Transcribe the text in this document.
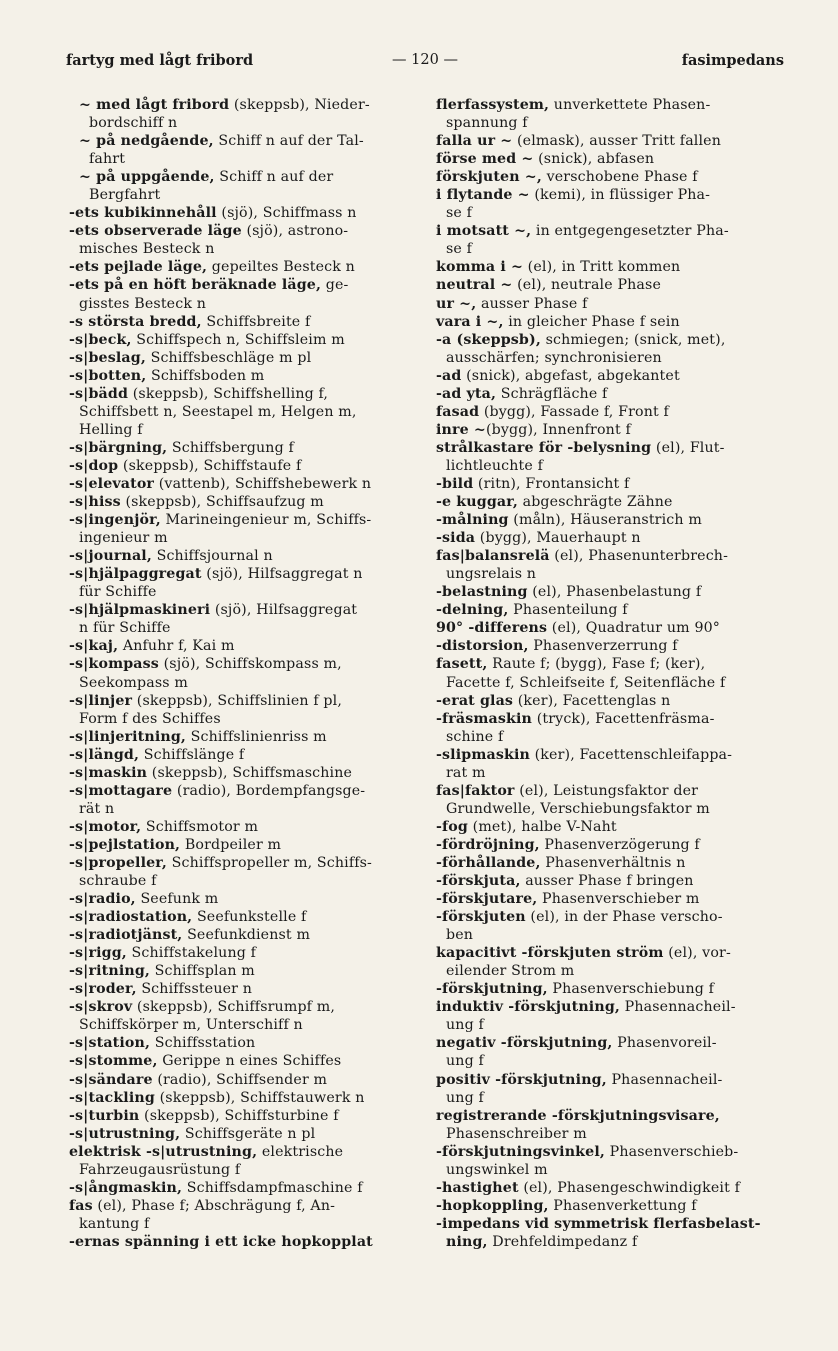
— 120 —
fartyg med lågt fribord	fasimpedans
~ med lågt fribord (skeppsb), Nieder-
bordschiff n
~ på nedgående, Schiff n auf der Tal-
fahrt
~ på uppgående, Schiff n auf der
Bergfahrt
-ets kubikinnehåll (sjö), Schiffmass n
-ets observerade läge (sjö), astrono-
misches Besteck n
-ets pejlade läge, gepeiltes Besteck n
-ets på en höft beräknade läge, ge-
gisstes Besteck n
-s största bredd, Schiffsbreite f
-s|beck, Schiffspech n, Schiffsleim m
-s|beslag, Schiffsbeschläge m pl
-s|botten, Schiffsboden m
-s|bädd (skeppsb), Schiffshelling f,
Schiffsbett n, Seestapel m, Helgen m,
Helling f
-s|bärgning, Schiffsbergung f
-s|dop (skeppsb), Schiffstaufe f
-s|elevator (vattenb), Schiffshebewerk n
-s|hiss (skeppsb), Schiffsaufzug m
-s|ingenjör, Marineingenieur m, Schiffs-
ingenieur m
-s|journal, Schiffsjournal n
-s|hjälpaggregat (sjö), Hilfsaggregat n
für Schiffe
-s|hjälpmaskineri (sjö), Hilfsaggregat
n für Schiffe
-s|kaj, Anfuhr f, Kai m
-s|kompass (sjö), Schiffskompass m,
Seekompass m
-s|linjer (skeppsb), Schiffslinien f pl,
Form f des Schiffes
-s|linjeritning, Schiffslinienriss m
-s|längd, Schiffslänge f
-s|maskin (skeppsb), Schiffsmaschine
-s|mottagare (radio), Bordempfangsge-
rät n
-s|motor, Schiffsmotor m
-s|pejlstation, Bordpeiler m
-s|propeller, Schiffspropeller m, Schiffs-
schraube f
-s|radio, Seefunk m
-s|radiostation, Seefunkstelle f
-s|radiotjänst, Seefunkdienst m
-s|rigg, Schiffstakelung f
-s|ritning, Schiffsplan m
-s|roder, Schiffssteuer n
-s|skrov (skeppsb), Schiffsrumpf m,
Schiffskörper m, Unterschiff n
-s|station, Schiffsstation
-s|stomme, Gerippe n eines Schiffes
-s|sändare (radio), Schiffsender m
-s|tackling (skeppsb), Schiffstauwerk n
-s|turbin (skeppsb), Schiffsturbine f
-s|utrustning, Schiffsgeräte n pl
elektrisk -s|utrustning, elektrische
Fahrzeugausrüstung f
-s|ångmaskin, Schiffsdampfmaschine f
fas (el), Phase f; Abschrägung f, An-
kantung f
-ernas spänning i ett icke hopkopplat
flerfassystem, unverkettete Phasen-
spannung f
falla ur ~ (elmask), ausser Tritt fallen
förse med ~ (snick), abfasen
förskjuten ~, verschobene Phase f
i flytande ~ (kemi), in flüssiger Pha-
se f
i motsatt ~, in entgegengesetzter Pha-
se f
komma i ~ (el), in Tritt kommen
neutral ~ (el), neutrale Phase
ur ~, ausser Phase f
vara i ~, in gleicher Phase f sein
-a (skeppsb), schmiegen; (snick, met),
ausschärfen; synchronisieren
-ad (snick), abgefast, abgekantet
-ad yta, Schrägfläche f
fasad (bygg), Fassade f, Front f
inre ~(bygg), Innenfront f
strålkastare för -belysning (el), Flut-
lichtleuchte f
-bild (ritn), Frontansicht f
-e kuggar, abgeschrägte Zähne
-målning (måln), Häuseranstrich m
-sida (bygg), Mauerhaupt n
fas|balansrelä (el), Phasenunterbrech-
ungsrelais n
-belastning (el), Phasenbelastung f
-delning, Phasenteilung f
90° -differens (el), Quadratur um 90°
-distorsion, Phasenverzerrung f
fasett, Raute f; (bygg), Fase f; (ker),
Facette f, Schleifseite f, Seitenfläche f
-erat glas (ker), Facettenglas n
-fräsmaskin (tryck), Facettenfräsma-
schine f
-slipmaskin (ker), Facettenschleifappa-
rat m
fas|faktor (el), Leistungsfaktor der
Grundwelle, Verschiebungsfaktor m
-fog (met), halbe V-Naht
-fördröjning, Phasenverzögerung f
-förhållande, Phasenverhältnis n
-förskjuta, ausser Phase f bringen
-förskjutare, Phasenverschieber m
-förskjuten (el), in der Phase verscho-
ben
kapacitivt -förskjuten ström (el), vor-
eilender Strom m
-förskjutning, Phasenverschiebung f
induktiv -förskjutning, Phasennacheil-
ung f
negativ -förskjutning, Phasenvoreil-
ung f
positiv -förskjutning, Phasennacheil-
ung f
registrerande -förskjutningsvisare,
Phasenschreiber m
-förskjutningsvinkel, Phasenverschieb-
ungswinkel m
-hastighet (el), Phasengeschwindigkeit f
-hopkoppling, Phasenverkettung f
-impedans vid symmetrisk flerfasbelast-
ning, Drehfeldimpedanz f
